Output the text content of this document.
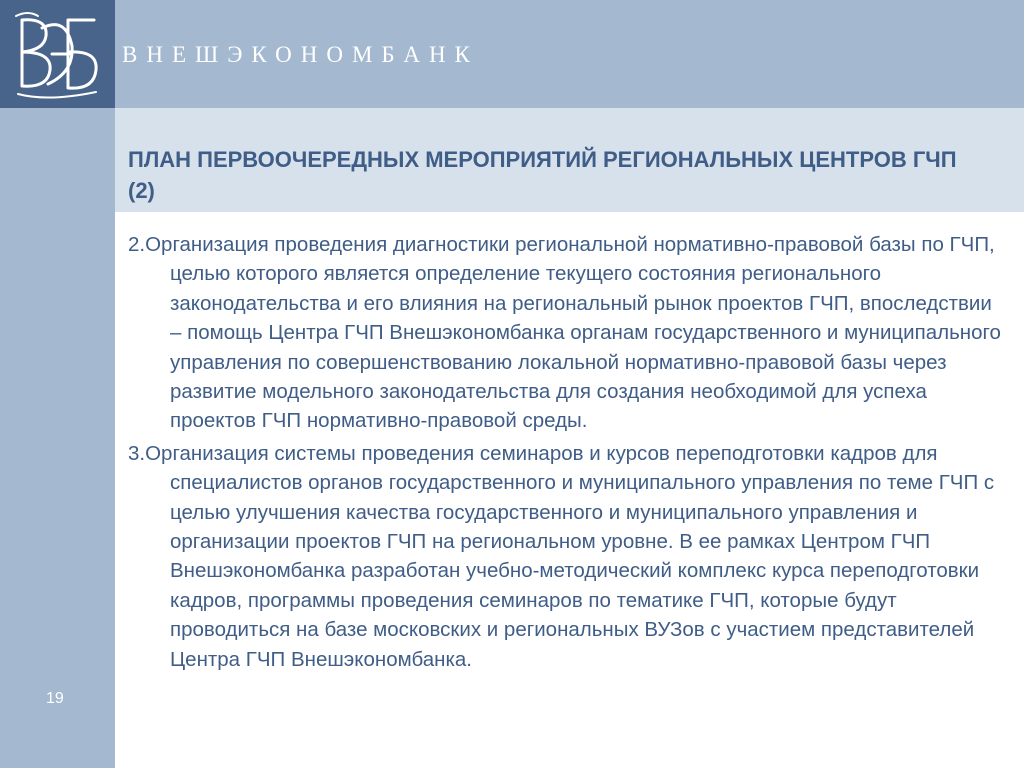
ВНЕШЭКОНОМБАНК
19
ПЛАН ПЕРВООЧЕРЕДНЫХ МЕРОПРИЯТИЙ РЕГИОНАЛЬНЫХ ЦЕНТРОВ ГЧП (2)

2.Организация проведения диагностики региональной нормативно-правовой базы по ГЧП, целью которого является определение текущего состояния регионального законодательства и его влияния на региональный рынок проектов ГЧП, впоследствии – помощь Центра ГЧП Внешэкономбанка органам государственного и муниципального управления по совершенствованию локальной нормативно-правовой базы через развитие модельного законодательства для создания необходимой для успеха проектов ГЧП нормативно-правовой среды.

3.Организация системы проведения семинаров и курсов переподготовки кадров для специалистов органов государственного и муниципального управления по теме ГЧП с целью улучшения качества государственного и муниципального управления и организации проектов ГЧП на региональном уровне. В ее рамках Центром ГЧП Внешэкономбанка разработан учебно-методический комплекс курса переподготовки кадров, программы проведения семинаров по тематике ГЧП, которые будут проводиться на базе московских и региональных ВУЗов с участием представителей Центра ГЧП Внешэкономбанка.
